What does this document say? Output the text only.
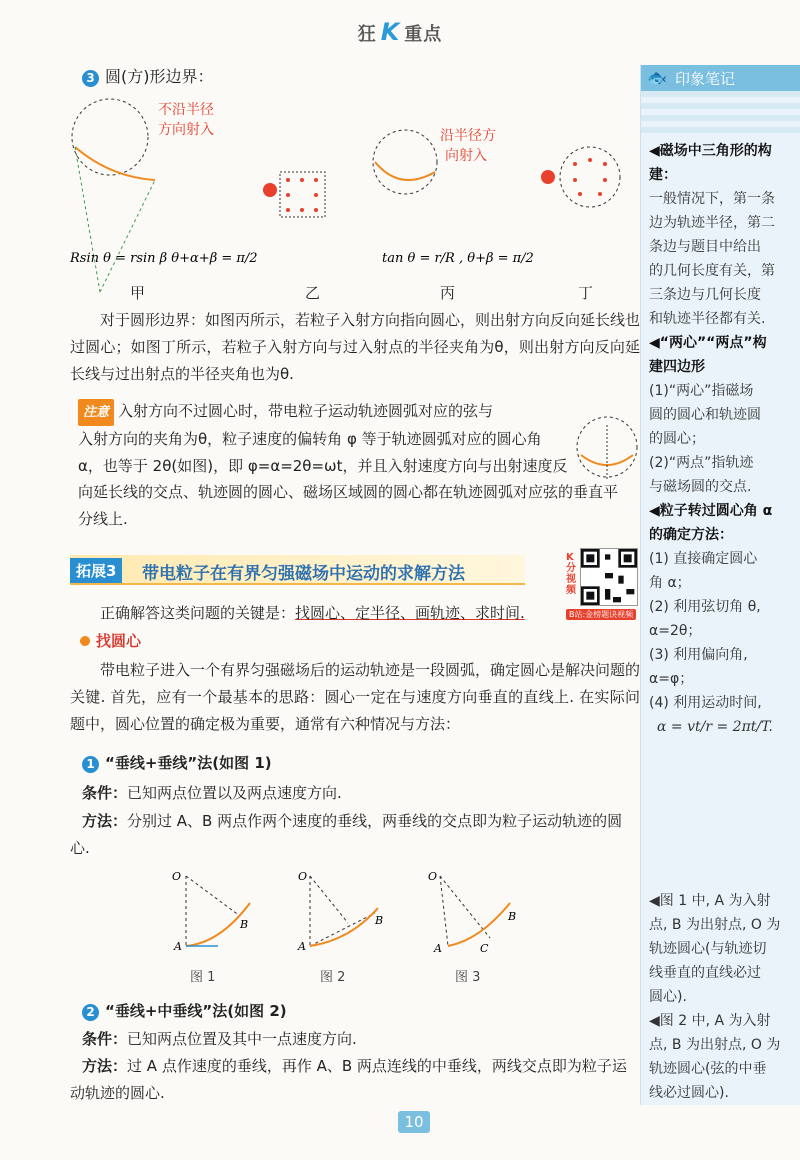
狂 K 重点
🐟 印象笔记
◀磁场中三角形的构建：
一般情况下，第一条
边为轨迹半径，第二
条边与题目中给出
的几何长度有关，第
三条边与几何长度
和轨迹半径都有关.
◀“两心”“两点”构
建四边形
(1)“两心”指磁场
圆的圆心和轨迹圆
的圆心；
(2)“两点”指轨迹
与磁场圆的交点.
◀粒子转过圆心角 α
的确定方法：
(1) 直接确定圆心
角 α；
(2) 利用弦切角 θ,
α=2θ；
(3) 利用偏向角,
α=φ；
(4) 利用运动时间,
α = vt/r = 2πt/T.
◀图 1 中, A 为入射
点, B 为出射点, O 为
轨迹圆心(与轨迹切
线垂直的直线必过
圆心).
◀图 2 中, A 为入射
点, B 为出射点, O 为
轨迹圆心(弦的中垂
线必过圆心).
3 圆(方)形边界：
不沿半径
方向射入	沿半径方
向射入
Rsin θ = rsin β θ+α+β = π/2	tan θ = r/R , θ+β = π/2
甲	乙	丙	丁
对于圆形边界：如图丙所示，若粒子入射方向指向圆心，则出射方向反向延长线也过圆心；如图丁所示，若粒子入射方向与过入射点的半径夹角为θ，则出射方向反向延长线与过出射点的半径夹角也为θ.
注意 入射方向不过圆心时，带电粒子运动轨迹圆弧对应的弦与
入射方向的夹角为θ，粒子速度的偏转角 φ 等于轨迹圆弧对应的圆心角
α，也等于 2θ(如图)，即 φ=α=2θ=ωt，并且入射速度方向与出射速度反
向延长线的交点、轨迹圆的圆心、磁场区域圆的圆心都在轨迹圆弧对应弦的垂直平
分线上.
拓展3	带电粒子在有界匀强磁场中运动的求解方法
K分视频
B站:金榜题诀视频
正确解答这类问题的关键是：找圆心、定半径、画轨迹、求时间.
找圆心
带电粒子进入一个有界匀强磁场后的运动轨迹是一段圆弧，确定圆心是解决问题的关键. 首先，应有一个最基本的思路：圆心一定在与速度方向垂直的直线上. 在实际问题中，圆心位置的确定极为重要，通常有六种情况与方法：
1 “垂线+垂线”法(如图 1)
条件：已知两点位置以及两点速度方向.
方法：分别过 A、B 两点作两个速度的垂线，两垂线的交点即为粒子运动轨迹的圆心.
O
A
B
O
A
B
O
A	C
B
图 1	图 2	图 3
2 “垂线+中垂线”法(如图 2)
条件：已知两点位置及其中一点速度方向.
方法：过 A 点作速度的垂线，再作 A、B 两点连线的中垂线，两线交点即为粒子运动轨迹的圆心.
10
